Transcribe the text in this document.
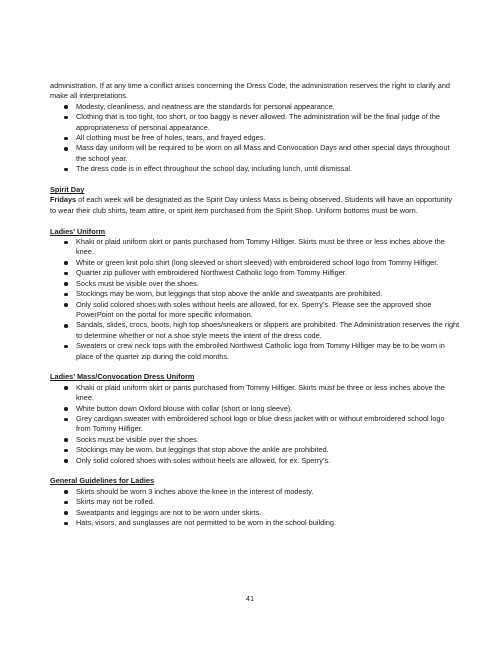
administration. If at any time a conflict arises concerning the Dress Code, the administration reserves the right to clarify and make all interpretations.

Modesty, cleanliness, and neatness are the standards for personal appearance.
Clothing that is too tight, too short, or too baggy is never allowed. The administration will be the final judge of the appropriateness of personal appearance.
All clothing must be free of holes, tears, and frayed edges.
Mass day uniform will be required to be worn on all Mass and Convocation Days and other special days throughout the school year.
The dress code is in effect throughout the school day, including lunch, until dismissal.

Spirit Day

Fridays of each week will be designated as the Spirit Day unless Mass is being observed. Students will have an opportunity to wear their club shirts, team attire, or spirit item purchased from the Spirit Shop. Uniform bottoms must be worn.

Ladies’ Uniform

Khaki or plaid uniform skirt or pants purchased from Tommy Hilfiger. Skirts must be three or less inches above the knee.
White or green knit polo shirt (long sleeved or short sleeved) with embroidered school logo from Tommy Hilfiger.
Quarter zip pullover with embroidered Northwest Catholic logo from Tommy Hilfiger.
Socks must be visible over the shoes.
Stockings may be worn, but leggings that stop above the ankle and sweatpants are prohibited.
Only solid colored shoes with soles without heels are allowed, for ex. Sperry’s. Please see the approved shoe PowerPoint on the portal for more specific information.
Sandals, slides, crocs, boots, high top shoes/sneakers or slippers are prohibited. The Administration reserves the right to determine whether or not a shoe style meets the intent of the dress code.
Sweaters or crew neck tops with the embroiled Northwest Catholic logo from Tommy Hilfiger may be to be worn in place of the quarter zip during the cold months.

Ladies’ Mass/Convocation Dress Uniform

Khaki or plaid uniform skirt or pants purchased from Tommy Hilfiger. Skirts must be three or less inches above the knee.
White button down Oxford blouse with collar (short or long sleeve).
Grey cardigan sweater with embroidered school logo or blue dress jacket with or without embroidered school logo from Tommy Hilfiger.
Socks must be visible over the shoes.
Stockings may be worn, but leggings that stop above the ankle are prohibited.
Only solid colored shoes with soles without heels are allowed, for ex. Sperry’s.

General Guidelines for Ladies

Skirts should be worn 3 inches above the knee in the interest of modesty.
Skirts may not be rolled.
Sweatpants and leggings are not to be worn under skirts.
Hats, visors, and sunglasses are not permitted to be worn in the school building.
41
